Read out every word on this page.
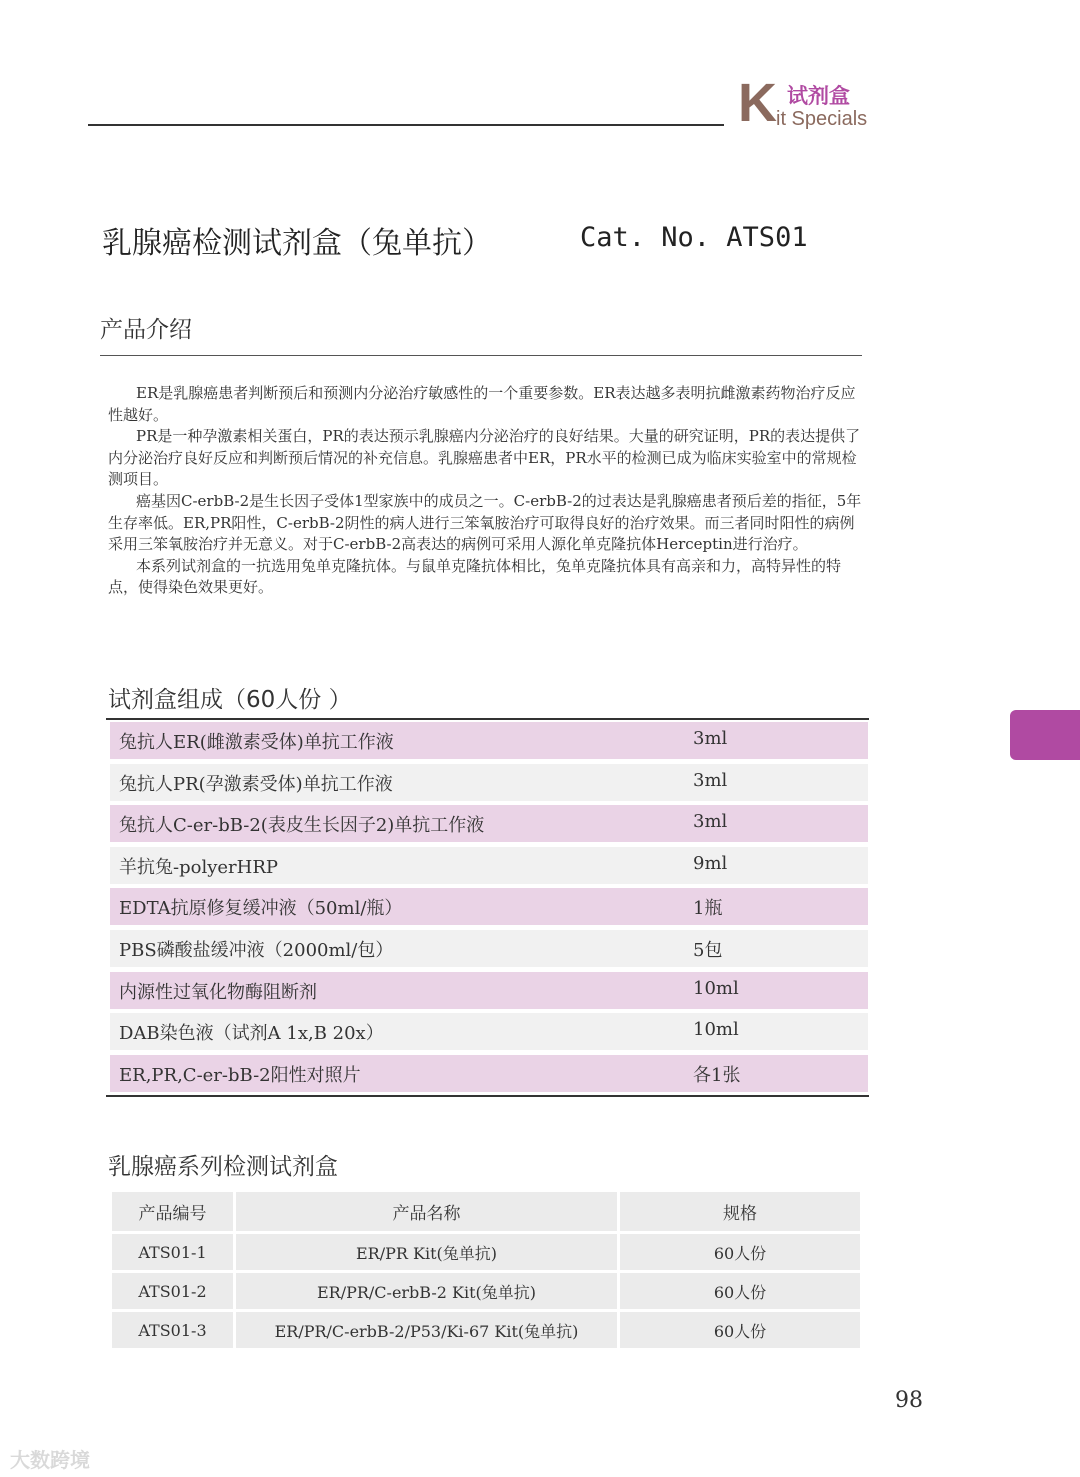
K 试剂盒
it Specials
乳腺癌检测试剂盒（兔单抗）	Cat. No. ATS01
产品介绍

ER是乳腺癌患者判断预后和预测内分泌治疗敏感性的一个重要参数。ER表达越多表明抗雌激素药物治疗反应性越好。

PR是一种孕激素相关蛋白，PR的表达预示乳腺癌内分泌治疗的良好结果。大量的研究证明，PR的表达提供了内分泌治疗良好反应和判断预后情况的补充信息。乳腺癌患者中ER，PR水平的检测已成为临床实验室中的常规检测项目。

癌基因C-erbB-2是生长因子受体1型家族中的成员之一。C-erbB-2的过表达是乳腺癌患者预后差的指征，5年生存率低。ER,PR阳性，C-erbB-2阴性的病人进行三笨氧胺治疗可取得良好的治疗效果。而三者同时阳性的病例采用三笨氧胺治疗并无意义。对于C-erbB-2高表达的病例可采用人源化单克隆抗体Herceptin进行治疗。

本系列试剂盒的一抗选用兔单克隆抗体。与鼠单克隆抗体相比，兔单克隆抗体具有高亲和力，高特异性的特点，使得染色效果更好。

试剂盒组成（60人份 ）
兔抗人ER(雌激素受体)单抗工作液	3ml
兔抗人PR(孕激素受体)单抗工作液	3ml
兔抗人C-er-bB-2(表皮生长因子2)单抗工作液	3ml
羊抗兔-polyerHRP	9ml
EDTA抗原修复缓冲液（50ml/瓶）	1瓶
PBS磷酸盐缓冲液（2000ml/包）	5包
内源性过氧化物酶阻断剂	10ml
DAB染色液（试剂A 1x,B 20x）	10ml
ER,PR,C-er-bB-2阳性对照片	各1张
乳腺癌系列检测试剂盒
产品编号	产品名称	规格
ATS01-1	ER/PR Kit(兔单抗)	60人份
ATS01-2	ER/PR/C-erbB-2 Kit(兔单抗)	60人份
ATS01-3	ER/PR/C-erbB-2/P53/Ki-67 Kit(兔单抗)	60人份
98
大数跨境
